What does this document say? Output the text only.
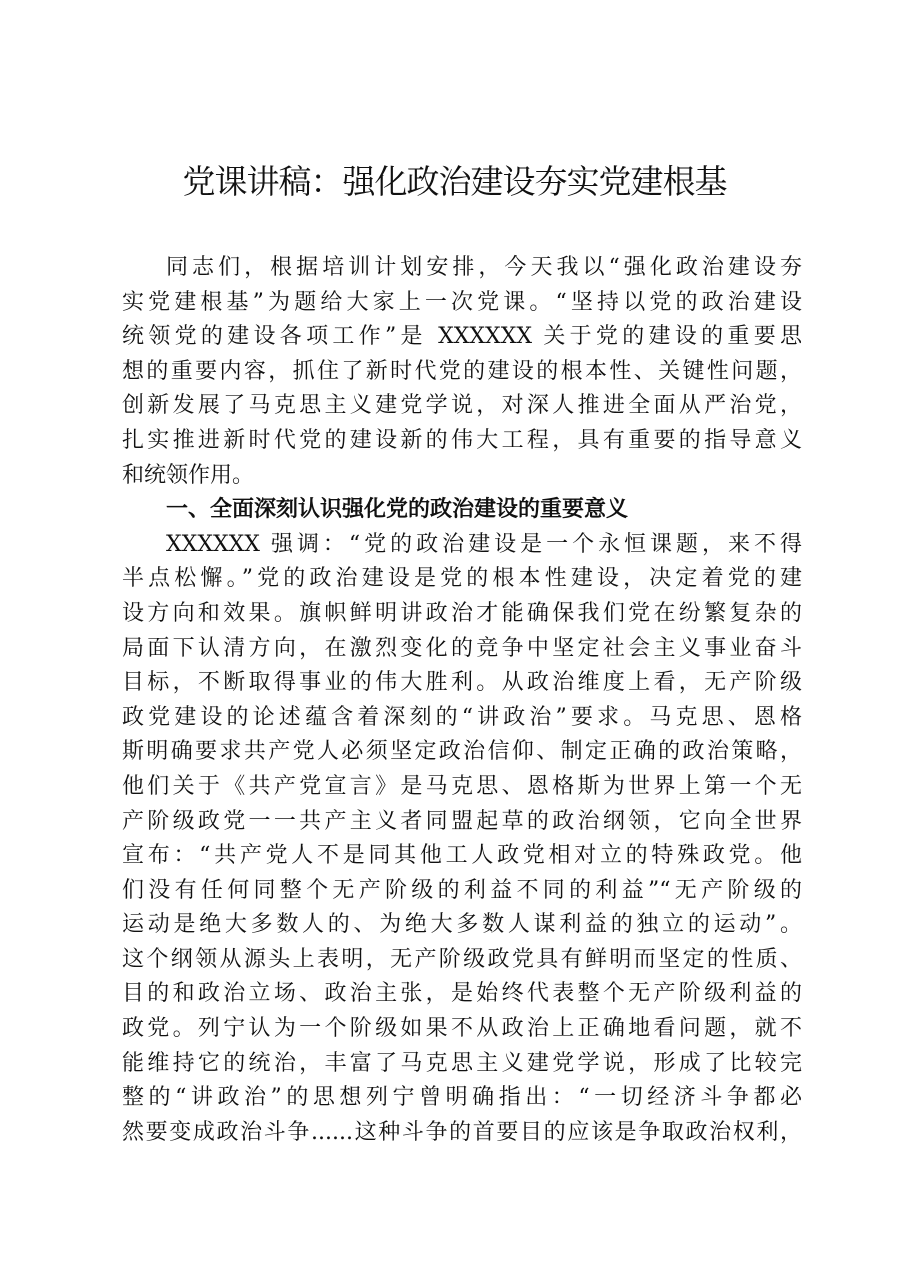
党课讲稿：强化政治建设夯实党建根基
同志们，根据培训计划安排，今天我以“强化政治建设夯
实党建根基”为题给大家上一次党课。“坚持以党的政治建设
统领党的建设各项工作”是 XXXXXX 关于党的建设的重要思
想的重要内容，抓住了新时代党的建设的根本性、关键性问题，
创新发展了马克思主义建党学说，对深人推进全面从严治党，
扎实推进新时代党的建设新的伟大工程，具有重要的指导意义
和统领作用。
一、全面深刻认识强化党的政治建设的重要意义
XXXXXX 强调：“党的政治建设是一个永恒课题，来不得
半点松懈。”党的政治建设是党的根本性建设，决定着党的建
设方向和效果。旗帜鲜明讲政治才能确保我们党在纷繁复杂的
局面下认清方向，在激烈变化的竞争中坚定社会主义事业奋斗
目标，不断取得事业的伟大胜利。从政治维度上看，无产阶级
政党建设的论述蕴含着深刻的“讲政治”要求。马克思、恩格
斯明确要求共产党人必须坚定政治信仰、制定正确的政治策略，
他们关于《共产党宣言》是马克思、恩格斯为世界上第一个无
产阶级政党一一共产主义者同盟起草的政治纲领，它向全世界
宣布：“共产党人不是同其他工人政党相对立的特殊政党。他
们没有任何同整个无产阶级的利益不同的利益”“无产阶级的
运动是绝大多数人的、为绝大多数人谋利益的独立的运动”。
这个纲领从源头上表明，无产阶级政党具有鲜明而坚定的性质、
目的和政治立场、政治主张，是始终代表整个无产阶级利益的
政党。列宁认为一个阶级如果不从政治上正确地看问题，就不
能维持它的统治，丰富了马克思主义建党学说，形成了比较完
整的“讲政治”的思想列宁曾明确指出：“一切经济斗争都必
然要变成政治斗争......这种斗争的首要目的应该是争取政治权利，
